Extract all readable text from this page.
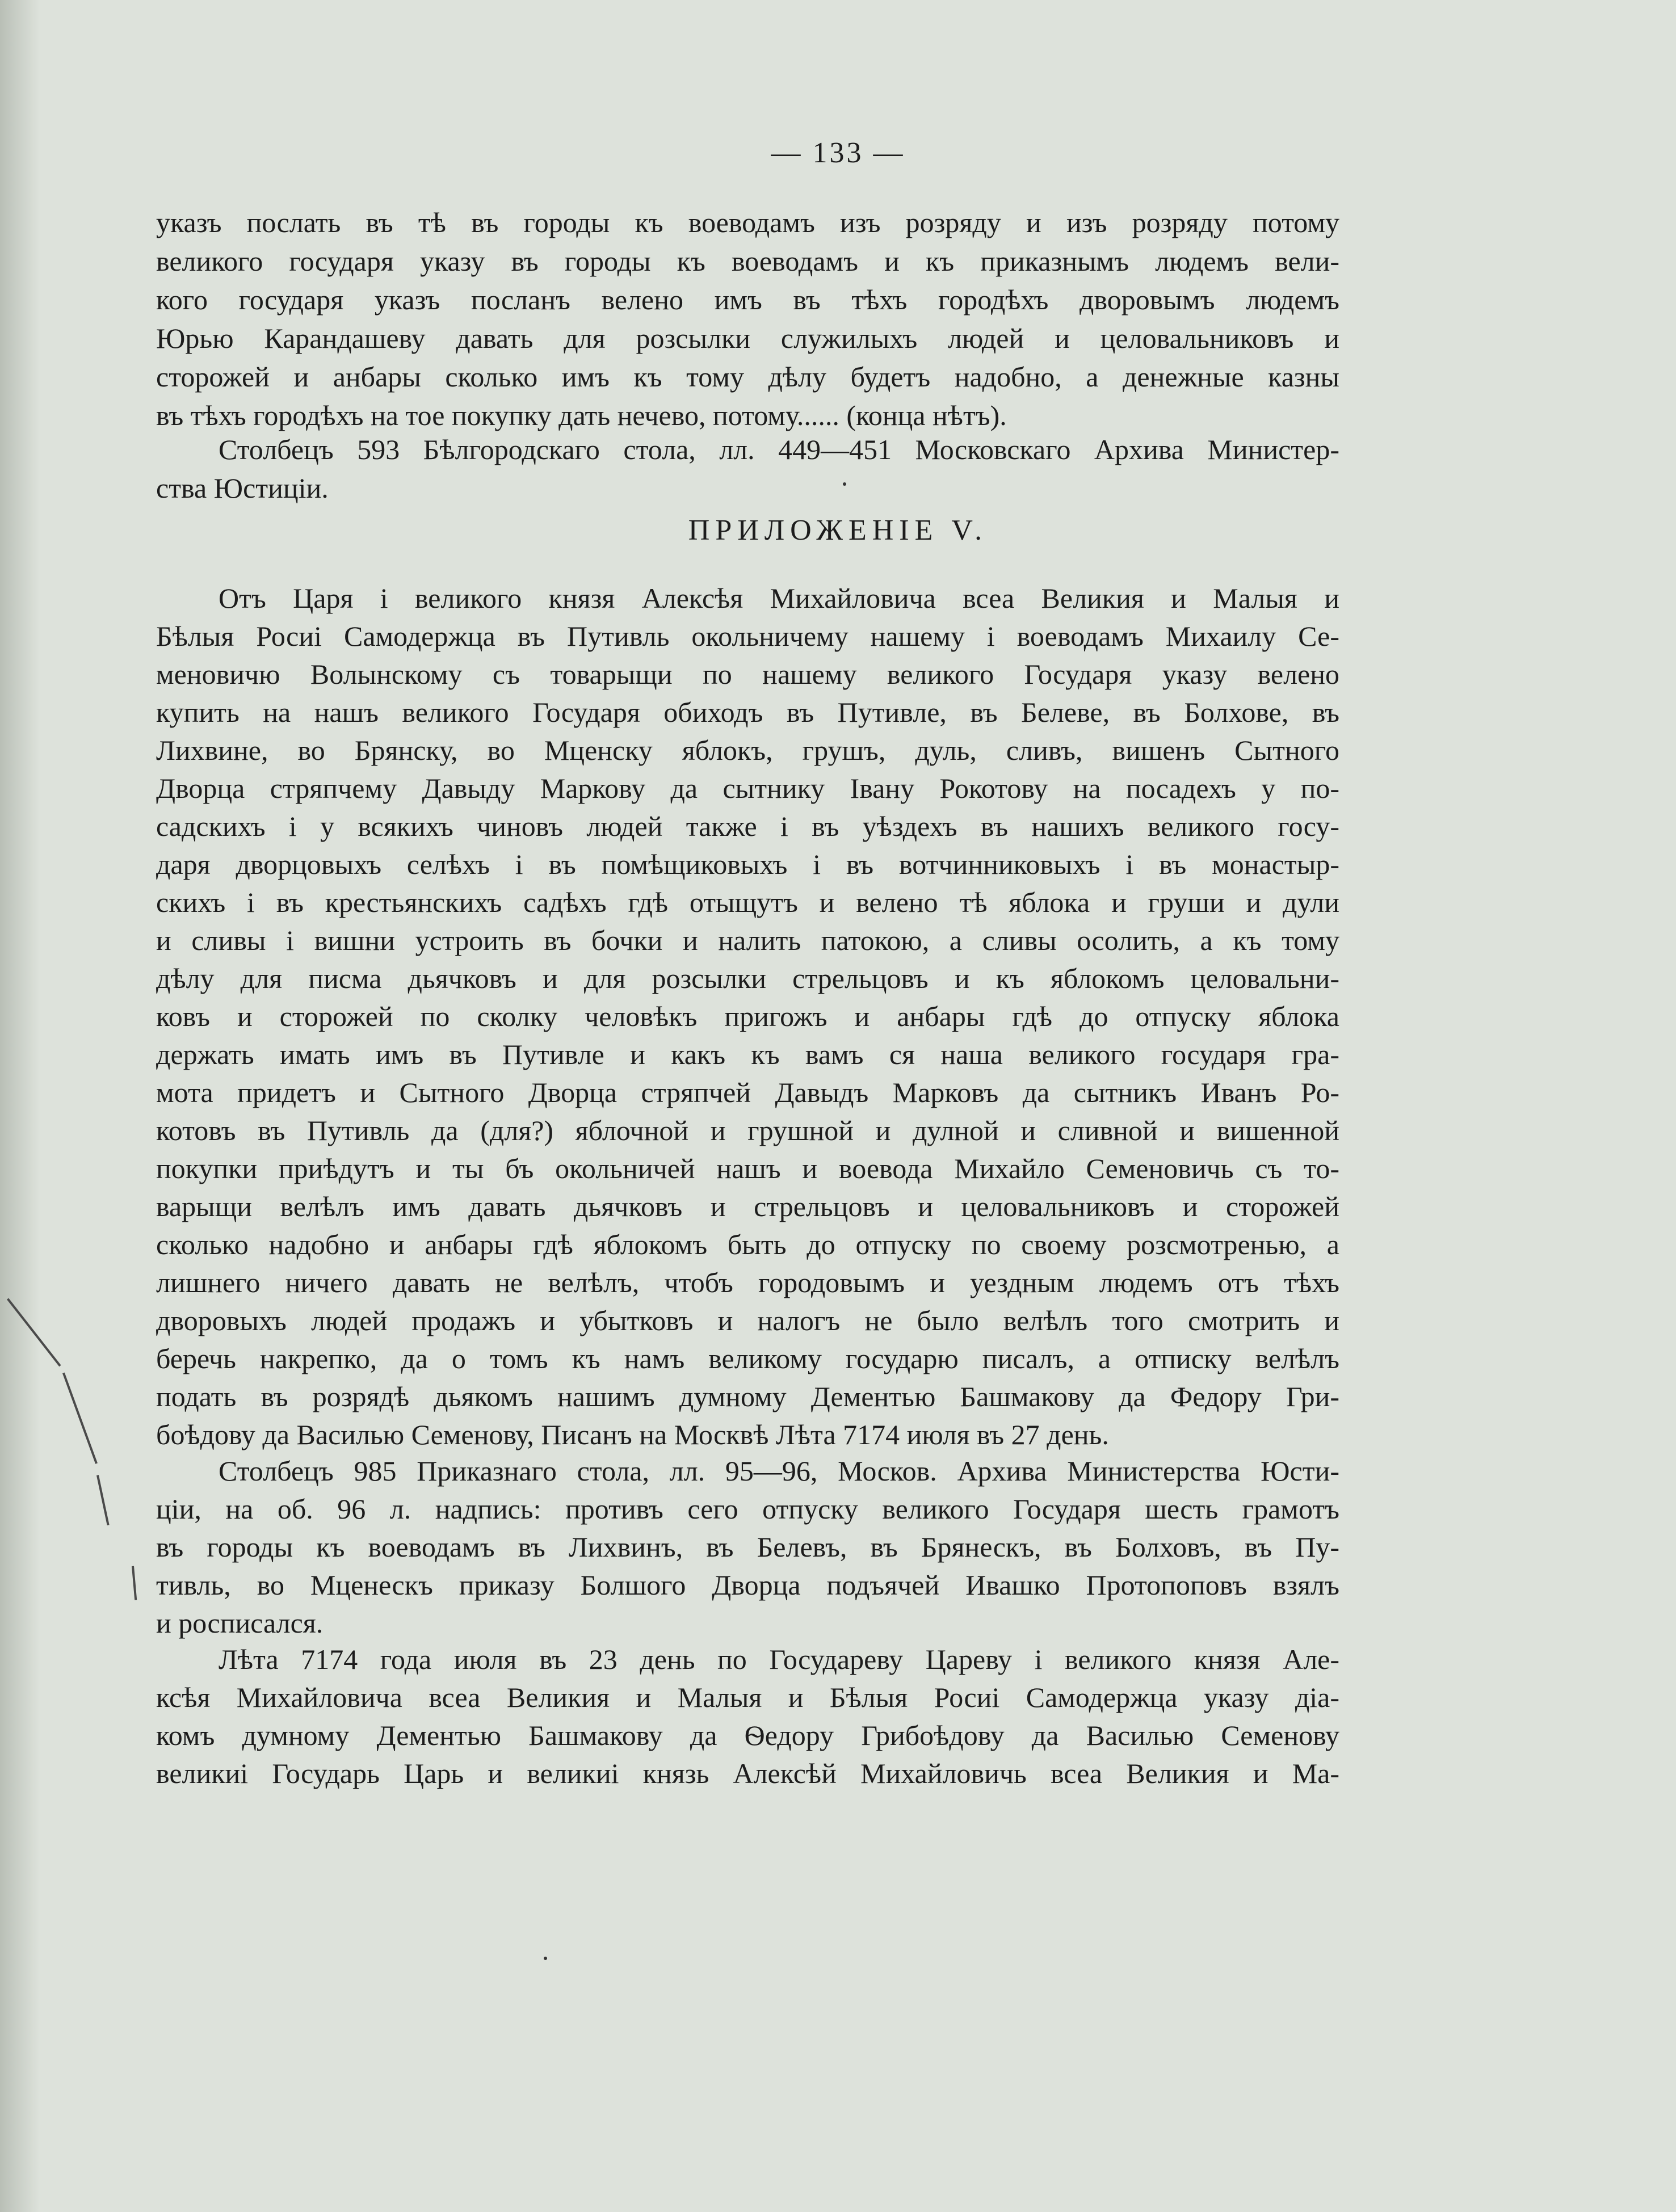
— 133 —
указъ послать въ тѣ въ городы къ воеводамъ изъ розряду и изъ розряду потому
великого государя указу въ городы къ воеводамъ и къ приказнымъ людемъ вели-
кого государя указъ посланъ велено имъ въ тѣхъ городѣхъ дворовымъ людемъ
Юрью Карандашеву давать для розсылки служилыхъ людей и целовальниковъ и
сторожей и анбары сколько имъ къ тому дѣлу будетъ надобно, а денежные казны
въ тѣхъ городѣхъ на тое покупку дать нечево, потому...... (конца нѣтъ).
Столбецъ 593 Бѣлгородскаго стола, лл. 449—451 Московскаго Архива Министер-
ства Юстиціи.
ПРИЛОЖЕНІЕ V.
Отъ Царя і великого князя Алексѣя Михайловича всеа Великия и Малыя и
Бѣлыя Росиі Самодержца въ Путивль окольничему нашему і воеводамъ Михаилу Се-
меновичю Волынскому съ товарыщи по нашему великого Государя указу велено
купить на нашъ великого Государя обиходъ въ Путивле, въ Белеве, въ Болхове, въ
Лихвине, во Брянску, во Мценску яблокъ, грушъ, дуль, сливъ, вишенъ Сытного
Дворца стряпчему Давыду Маркову да сытнику Івану Рокотову на посадехъ у по-
садскихъ і у всякихъ чиновъ людей также і въ уѣздехъ въ нашихъ великого госу-
даря дворцовыхъ селѣхъ і въ помѣщиковыхъ і въ вотчинниковыхъ і въ монастыр-
скихъ і въ крестьянскихъ садѣхъ гдѣ отыщутъ и велено тѣ яблока и груши и дули
и сливы і вишни устроить въ бочки и налить патокою, а сливы осолить, а къ тому
дѣлу для писма дьячковъ и для розсылки стрельцовъ и къ яблокомъ целовальни-
ковъ и сторожей по сколку человѣкъ пригожъ и анбары гдѣ до отпуску яблока
держать имать имъ въ Путивле и какъ къ вамъ ся наша великого государя гра-
мота придетъ и Сытного Дворца стряпчей Давыдъ Марковъ да сытникъ Иванъ Ро-
котовъ въ Путивль да (для?) яблочной и грушной и дулной и сливной и вишенной
покупки приѣдутъ и ты бъ окольничей нашъ и воевода Михайло Семеновичь съ то-
варыщи велѣлъ имъ давать дьячковъ и стрельцовъ и целовальниковъ и сторожей
сколько надобно и анбары гдѣ яблокомъ быть до отпуску по своему розсмотренью, а
лишнего ничего давать не велѣлъ, чтобъ городовымъ и уездным людемъ отъ тѣхъ
дворовыхъ людей продажъ и убытковъ и налогъ не было велѣлъ того смотрить и
беречь накрепко, да о томъ къ намъ великому государю писалъ, а отписку велѣлъ
подать въ розрядѣ дьякомъ нашимъ думному Дементью Башмакову да Федору Гри-
боѣдову да Василью Семенову, Писанъ на Москвѣ Лѣта 7174 июля въ 27 день.
Столбецъ 985 Приказнаго стола, лл. 95—96, Москов. Архива Министерства Юсти-
ціи, на об. 96 л. надпись: противъ сего отпуску великого Государя шесть грамотъ
въ городы къ воеводамъ въ Лихвинъ, въ Белевъ, въ Брянескъ, въ Болховъ, въ Пу-
тивль, во Мценескъ приказу Болшого Дворца подъячей Ивашко Протопоповъ взялъ
и росписался.
Лѣта 7174 года июля въ 23 день по Государеву Цареву і великого князя Але-
ксѣя Михайловича всеа Великия и Малыя и Бѣлыя Росиі Самодержца указу діа-
комъ думному Дементью Башмакову да Ѳедору Грибоѣдову да Василью Семенову
великиі Государь Царь и великиі князь Алексѣй Михайловичь всеа Великия и Ма-
